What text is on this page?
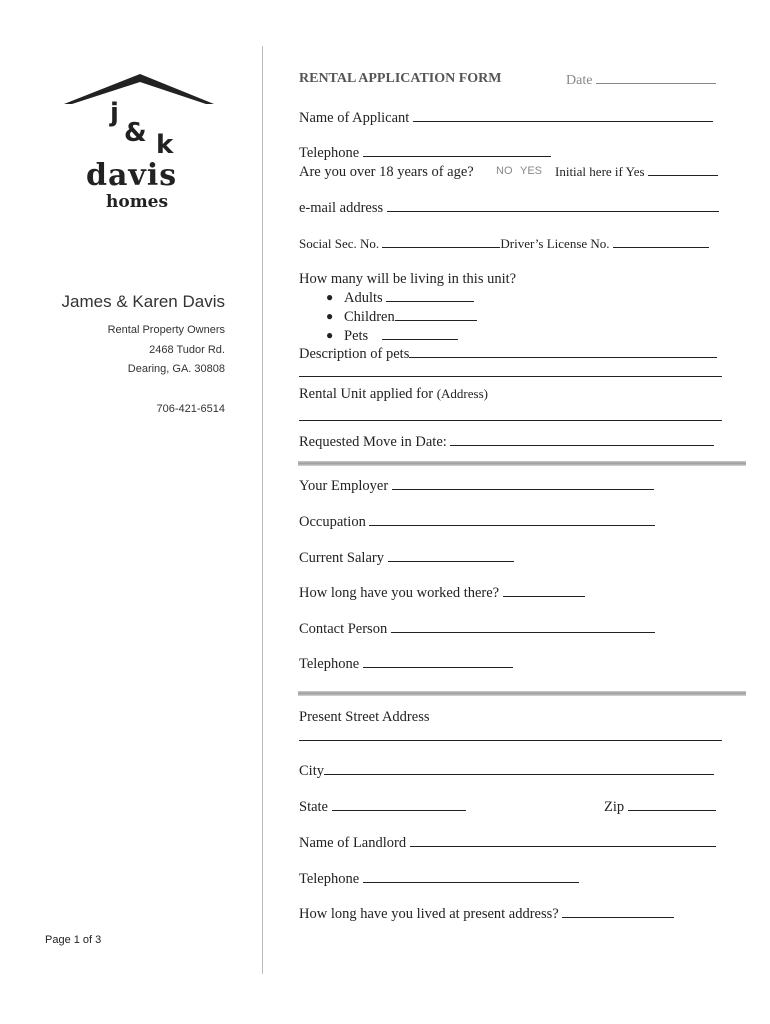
j
& k
davis
homes
James & Karen Davis
Rental Property Owners
2468 Tudor Rd.
Dearing, GA. 30808
706-421-6514
Page 1 of 3
RENTAL APPLICATION FORM	Date
Name of Applicant
Telephone
Are you over 18 years of age? NO YES Initial here if Yes
e-mail address
Social Sec. No.	Driver’s License No.
How many will be living in this unit?
● Adults
● Children
● Pets
Description of pets
Rental Unit applied for (Address)
Requested Move in Date:
Your Employer
Occupation
Current Salary
How long have you worked there?
Contact Person
Telephone
Present Street Address
City
State	Zip
Name of Landlord
Telephone
How long have you lived at present address?
